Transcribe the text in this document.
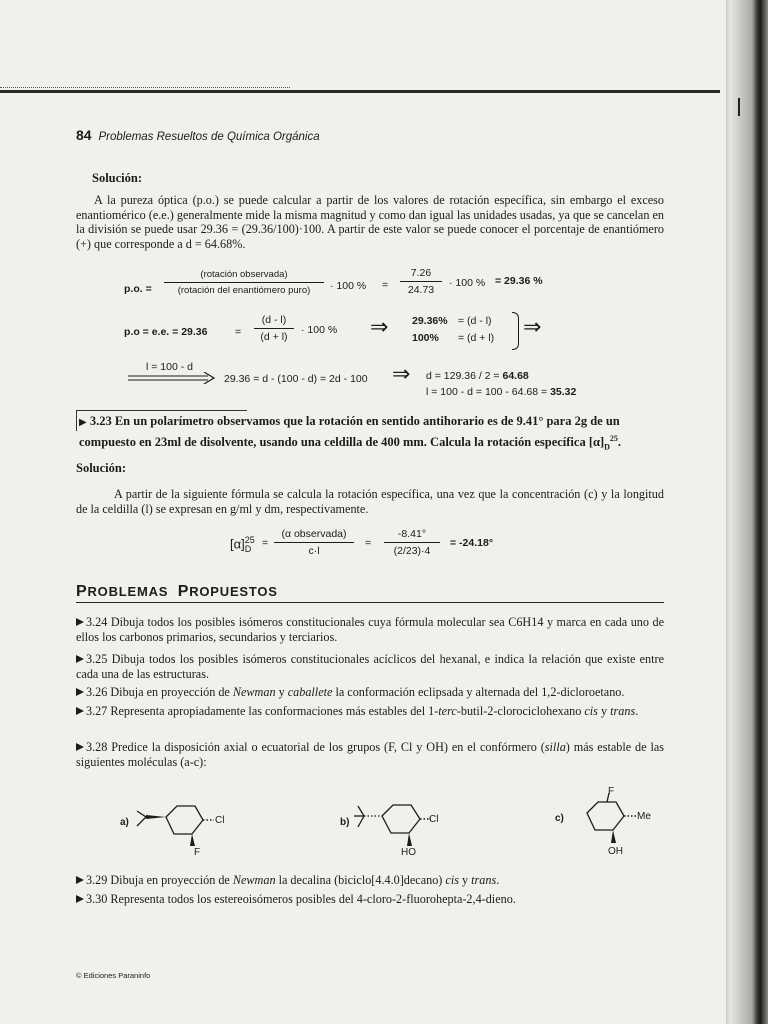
84 Problemas Resueltos de Química Orgánica
Solución:
A la pureza óptica (p.o.) se puede calcular a partir de los valores de rotación específica, sin embargo el exceso enantiomérico (e.e.) generalmente mide la misma magnitud y como dan igual las unidades usadas, ya que se cancelan en la división se puede usar 29.36 = (29.36/100)·100. A partir de este valor se puede conocer el porcentaje de enantiómero (+) que corresponde a d = 64.68%.
p.o. =
(rotación observada)
(rotación del enantiómero puro)	· 100 % =
7.26
24.73
· 100 % = 29.36 %
p.o = e.e. = 29.36	=
(d - l)
(d + l)
· 100 % ⇒ 29.36% = (d - l)
100% = (d + l) ⇒
l = 100 - d
29.36 = d - (100 - d) = 2d - 100 ⇒ d = 129.36 / 2 = 64.68
l = 100 - d = 100 - 64.68 = 35.32
▶ 3.23 En un polarímetro observamos que la rotación en sentido antihorario es de 9.41° para 2g de un
compuesto en 23ml de disolvente, usando una celdilla de 400 mm. Calcula la rotación específica $[\alpha]_D^{25}$.
Solución:
A partir de la siguiente fórmula se calcula la rotación específica, una vez que la concentración (c) y la longitud de la celdilla (l) se expresan en g/ml y dm, respectivamente.
[α] 25
D	=
(α observada)
c·l
=
-8.41°
(2/23)·4
= -24.18°
PROBLEMAS PROPUESTOS
3.24 Dibuja todos los posibles isómeros constitucionales cuya fórmula molecular sea C6H14 y marca en cada uno de ellos los carbonos primarios, secundarios y terciarios.
3.25 Dibuja todos los posibles isómeros constitucionales acíclicos del hexanal, e indica la relación que existe entre cada una de las estructuras.
3.26 Dibuja en proyección de Newman y caballete la conformación eclipsada y alternada del 1,2-dicloroetano.
3.27 Representa apropiadamente las conformaciones más estables del 1-terc-butil-2-clorociclohexano cis y trans.
3.28 Predice la disposición axial o ecuatorial de los grupos (F, Cl y OH) en el confórmero (silla) más estable de las siguientes moléculas (a-c):
a)	Cl
F
b)	Cl
HO
c)
F
Me
OH
3.29 Dibuja en proyección de Newman la decalina (biciclo[4.4.0]decano) cis y trans.
3.30 Representa todos los estereoisómeros posibles del 4-cloro-2-fluorohepta-2,4-dieno.
© Ediciones Paraninfo
